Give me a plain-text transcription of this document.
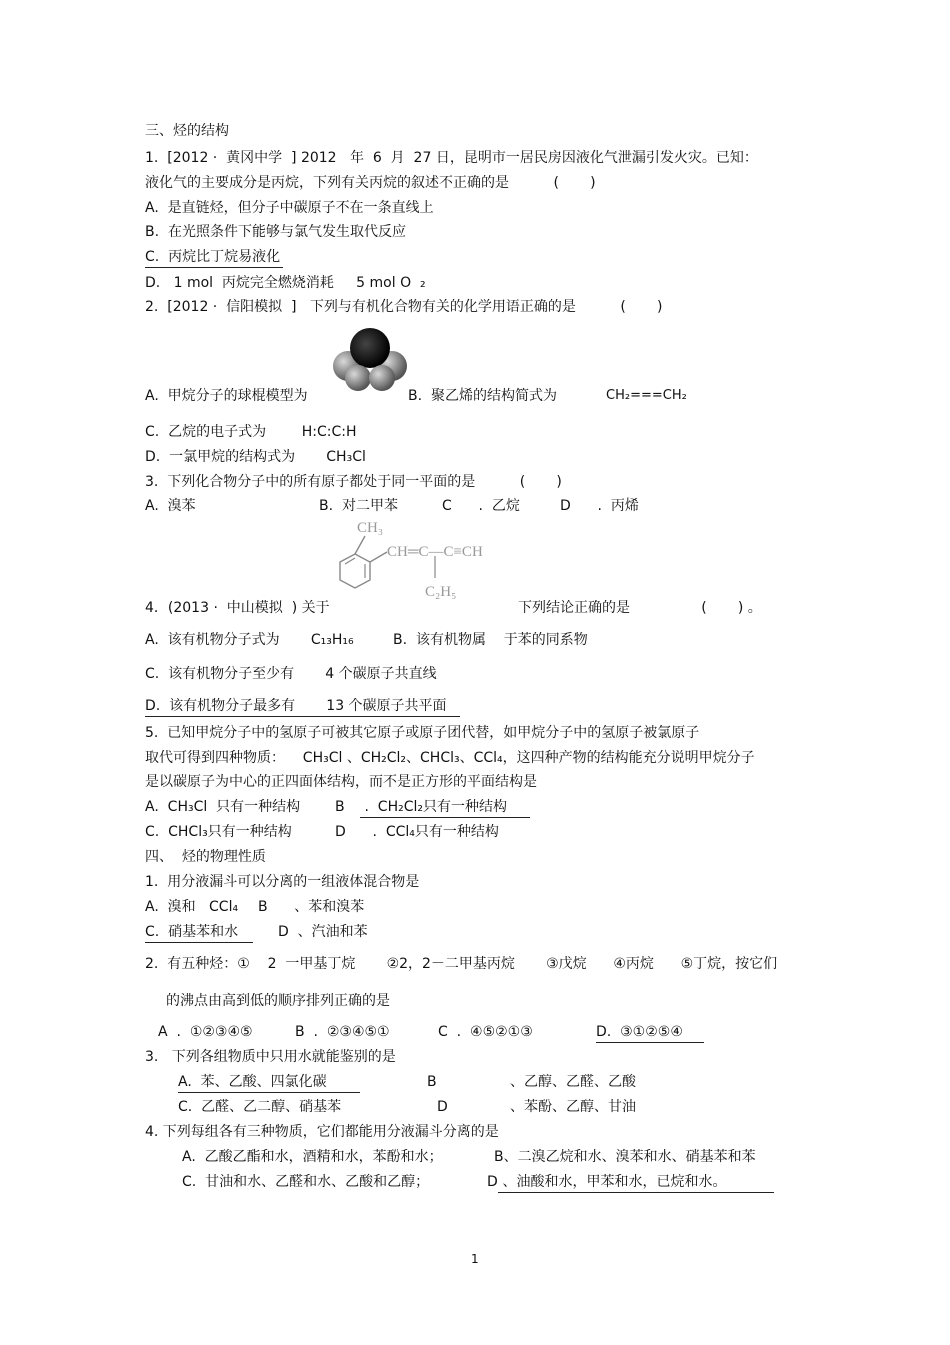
三、烃的结构
1.  [2012 ·  黄冈中学  ] 2012   年  6  月  27 日，昆明市一居民房因液化气泄漏引发火灾。已知：
液化气的主要成分是丙烷，下列有关丙烷的叙述不正确的是          (       )
A.  是直链烃，但分子中碳原子不在一条直线上
B.  在光照条件下能够与氯气发生取代反应
C.  丙烷比丁烷易液化
D.   1 mol  丙烷完全燃烧消耗     5 mol O  ₂
2.  [2012 ·  信阳模拟  ]   下列与有机化合物有关的化学用语正确的是          (       )
A.  甲烷分子的球棍模型为	B.  聚乙烯的结构简式为	CH₂===CH₂
C.  乙烷的电子式为        H:C:C:H
D.  一氯甲烷的结构式为       CH₃Cl
3.  下列化合物分子中的所有原子都处于同一平面的是          (       )
A.  溴苯	B.  对二甲苯	C      .  乙烷	D      .  丙烯
CH₃
CH═C—C≡CH
C₂H₅
4．(2013 ·  中山模拟  ) 关于	下列结论正确的是                (       ) 。
A.  该有机物分子式为       C₁₃H₁₆	B.  该有机物属    于苯的同系物
C.  该有机物分子至少有       4 个碳原子共直线
D.  该有机物分子最多有       13 个碳原子共平面
5.  已知甲烷分子中的氢原子可被其它原子或原子团代替，如甲烷分子中的氢原子被氯原子
取代可得到四种物质：    CH₃Cl 、CH₂Cl₂、CHCl₃、CCl₄，这四种产物的结构能充分说明甲烷分子
是以碳原子为中心的正四面体结构，而不是正方形的平面结构是
A.  CH₃Cl  只有一种结构 B .  CH₂Cl₂只有一种结构
C.  CHCl₃只有一种结构	D      .  CCl₄只有一种结构
四、  烃的物理性质
1.  用分液漏斗可以分离的一组液体混合物是
A.  溴和   CCl₄ B      、苯和溴苯
C.  硝基苯和水	D  、汽油和苯
2.  有五种烃：①    2  一甲基丁烷       ②2，2－二甲基丙烷       ③戊烷      ④丙烷      ⑤丁烷，按它们
的沸点由高到低的顺序排列正确的是
A  .  ①②③④⑤	B  .  ②③④⑤①	C  .  ④⑤②①③	D.  ③①②⑤④
3.   下列各组物质中只用水就能鉴别的是
A.  苯、乙酸、四氯化碳	B	、乙醇、乙醛、乙酸
C.  乙醛、乙二醇、硝基苯	D	、苯酚、乙醇、甘油
4. 下列每组各有三种物质，它们都能用分液漏斗分离的是
A.  乙酸乙酯和水，酒精和水，苯酚和水；	B、二溴乙烷和水、溴苯和水、硝基苯和苯
C.  甘油和水、乙醛和水、乙酸和乙醇；	D 、油酸和水，甲苯和水，已烷和水。
1
